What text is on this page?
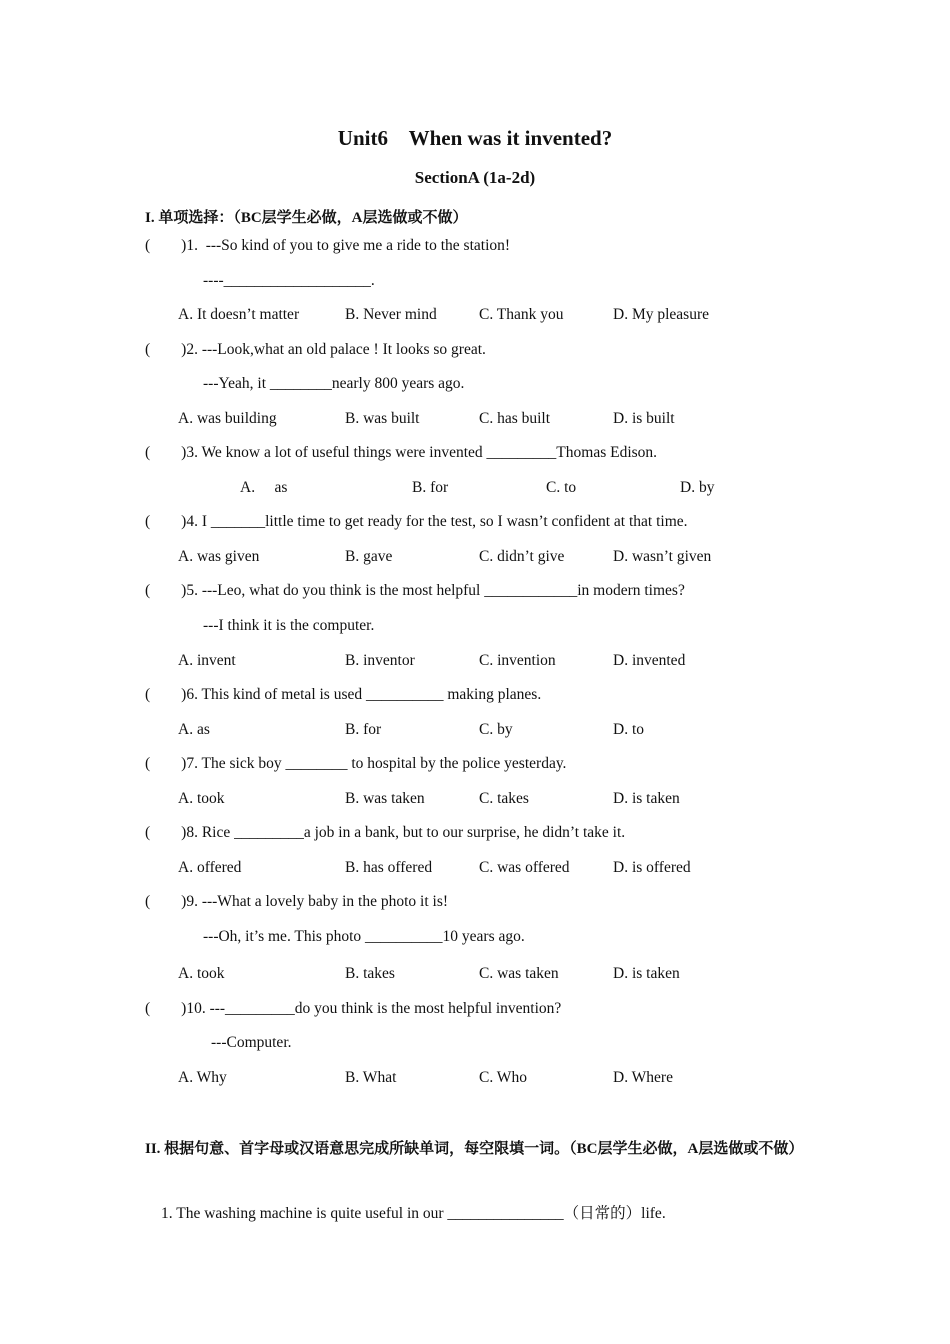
Unit6    When was it invented?
SectionA (1a-2d)
I. 单项选择：（BC层学生必做，A层选做或不做）
(        )1.  ---So kind of you to give me a ride to the station!
----___________________.
A. It doesn’t matter	B. Never mind	C. Thank you	D. My pleasure
(        )2. ---Look,what an old palace ! It looks so great.
---Yeah, it ________nearly 800 years ago.
A. was building	B. was built	C. has built	D. is built
(        )3. We know a lot of useful things were invented _________Thomas Edison.
A.     as	B. for	C. to	D. by
(        )4. I _______little time to get ready for the test, so I wasn’t confident at that time.
A. was given	B. gave	C. didn’t give	D. wasn’t given
(        )5. ---Leo, what do you think is the most helpful ____________in modern times?
---I think it is the computer.
A. invent	B. inventor	C. invention	D. invented
(        )6. This kind of metal is used __________ making planes.
A. as	B. for	C. by	D. to
(        )7. The sick boy ________ to hospital by the police yesterday.
A. took	B. was taken	C. takes	D. is taken
(        )8. Rice _________a job in a bank, but to our surprise, he didn’t take it.
A. offered	B. has offered	C. was offered	D. is offered
(        )9. ---What a lovely baby in the photo it is!
---Oh, it’s me. This photo __________10 years ago.
A. took	B. takes	C. was taken	D. is taken
(        )10. ---_________do you think is the most helpful invention?
---Computer.
A. Why	B. What	C. Who	D. Where
II. 根据句意、首字母或汉语意思完成所缺单词，每空限填一词。（BC层学生必做，A层选做或不做）
1. The washing machine is quite useful in our _______________（日常的）life.
